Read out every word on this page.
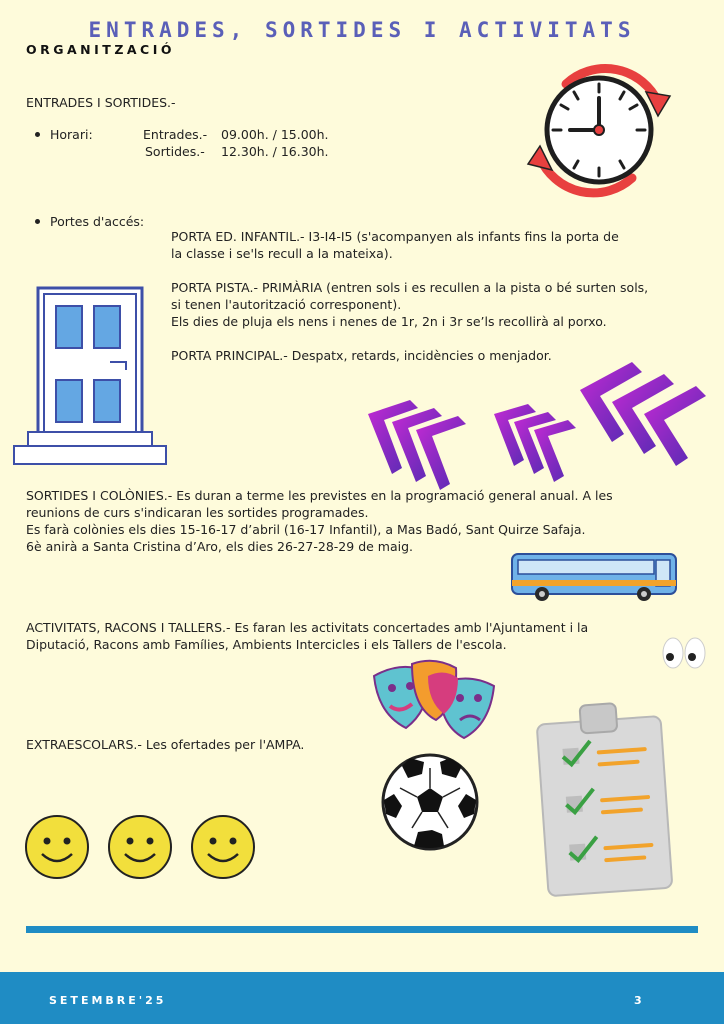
ENTRADES, SORTIDES I ACTIVITATS
ORGANITZACIÓ
ENTRADES I SORTIDES.-
Horari:	Entrades.- 09.00h. / 15.00h.
Sortides.- 12.30h. / 16.30h.
Portes d'accés:
PORTA ED. INFANTIL.- I3-I4-I5 (s'acompanyen als infants fins la porta de
la classe i se'ls recull a la mateixa).
PORTA PISTA.- PRIMÀRIA (entren sols i es recullen a la pista o bé surten sols,
si tenen l'autorització corresponent).
Els dies de pluja els nens i nenes de 1r, 2n i 3r se’ls recollirà al porxo.
PORTA PRINCIPAL.- Despatx, retards, incidències o menjador.
SORTIDES I COLÒNIES.- Es duran a terme les previstes en la programació general anual. A les
reunions de curs s'indicaran les sortides programades.
Es farà colònies els dies 15-16-17 d’abril (16-17 Infantil), a Mas Badó, Sant Quirze Safaja.
6è anirà a Santa Cristina d’Aro, els dies 26-27-28-29 de maig.
ACTIVITATS, RACONS I TALLERS.- Es faran les activitats concertades amb l'Ajuntament i la
Diputació, Racons amb Famílies, Ambients Intercicles i els Tallers de l'escola.
EXTRAESCOLARS.- Les ofertades per l'AMPA.
SETEMBRE'25	3
